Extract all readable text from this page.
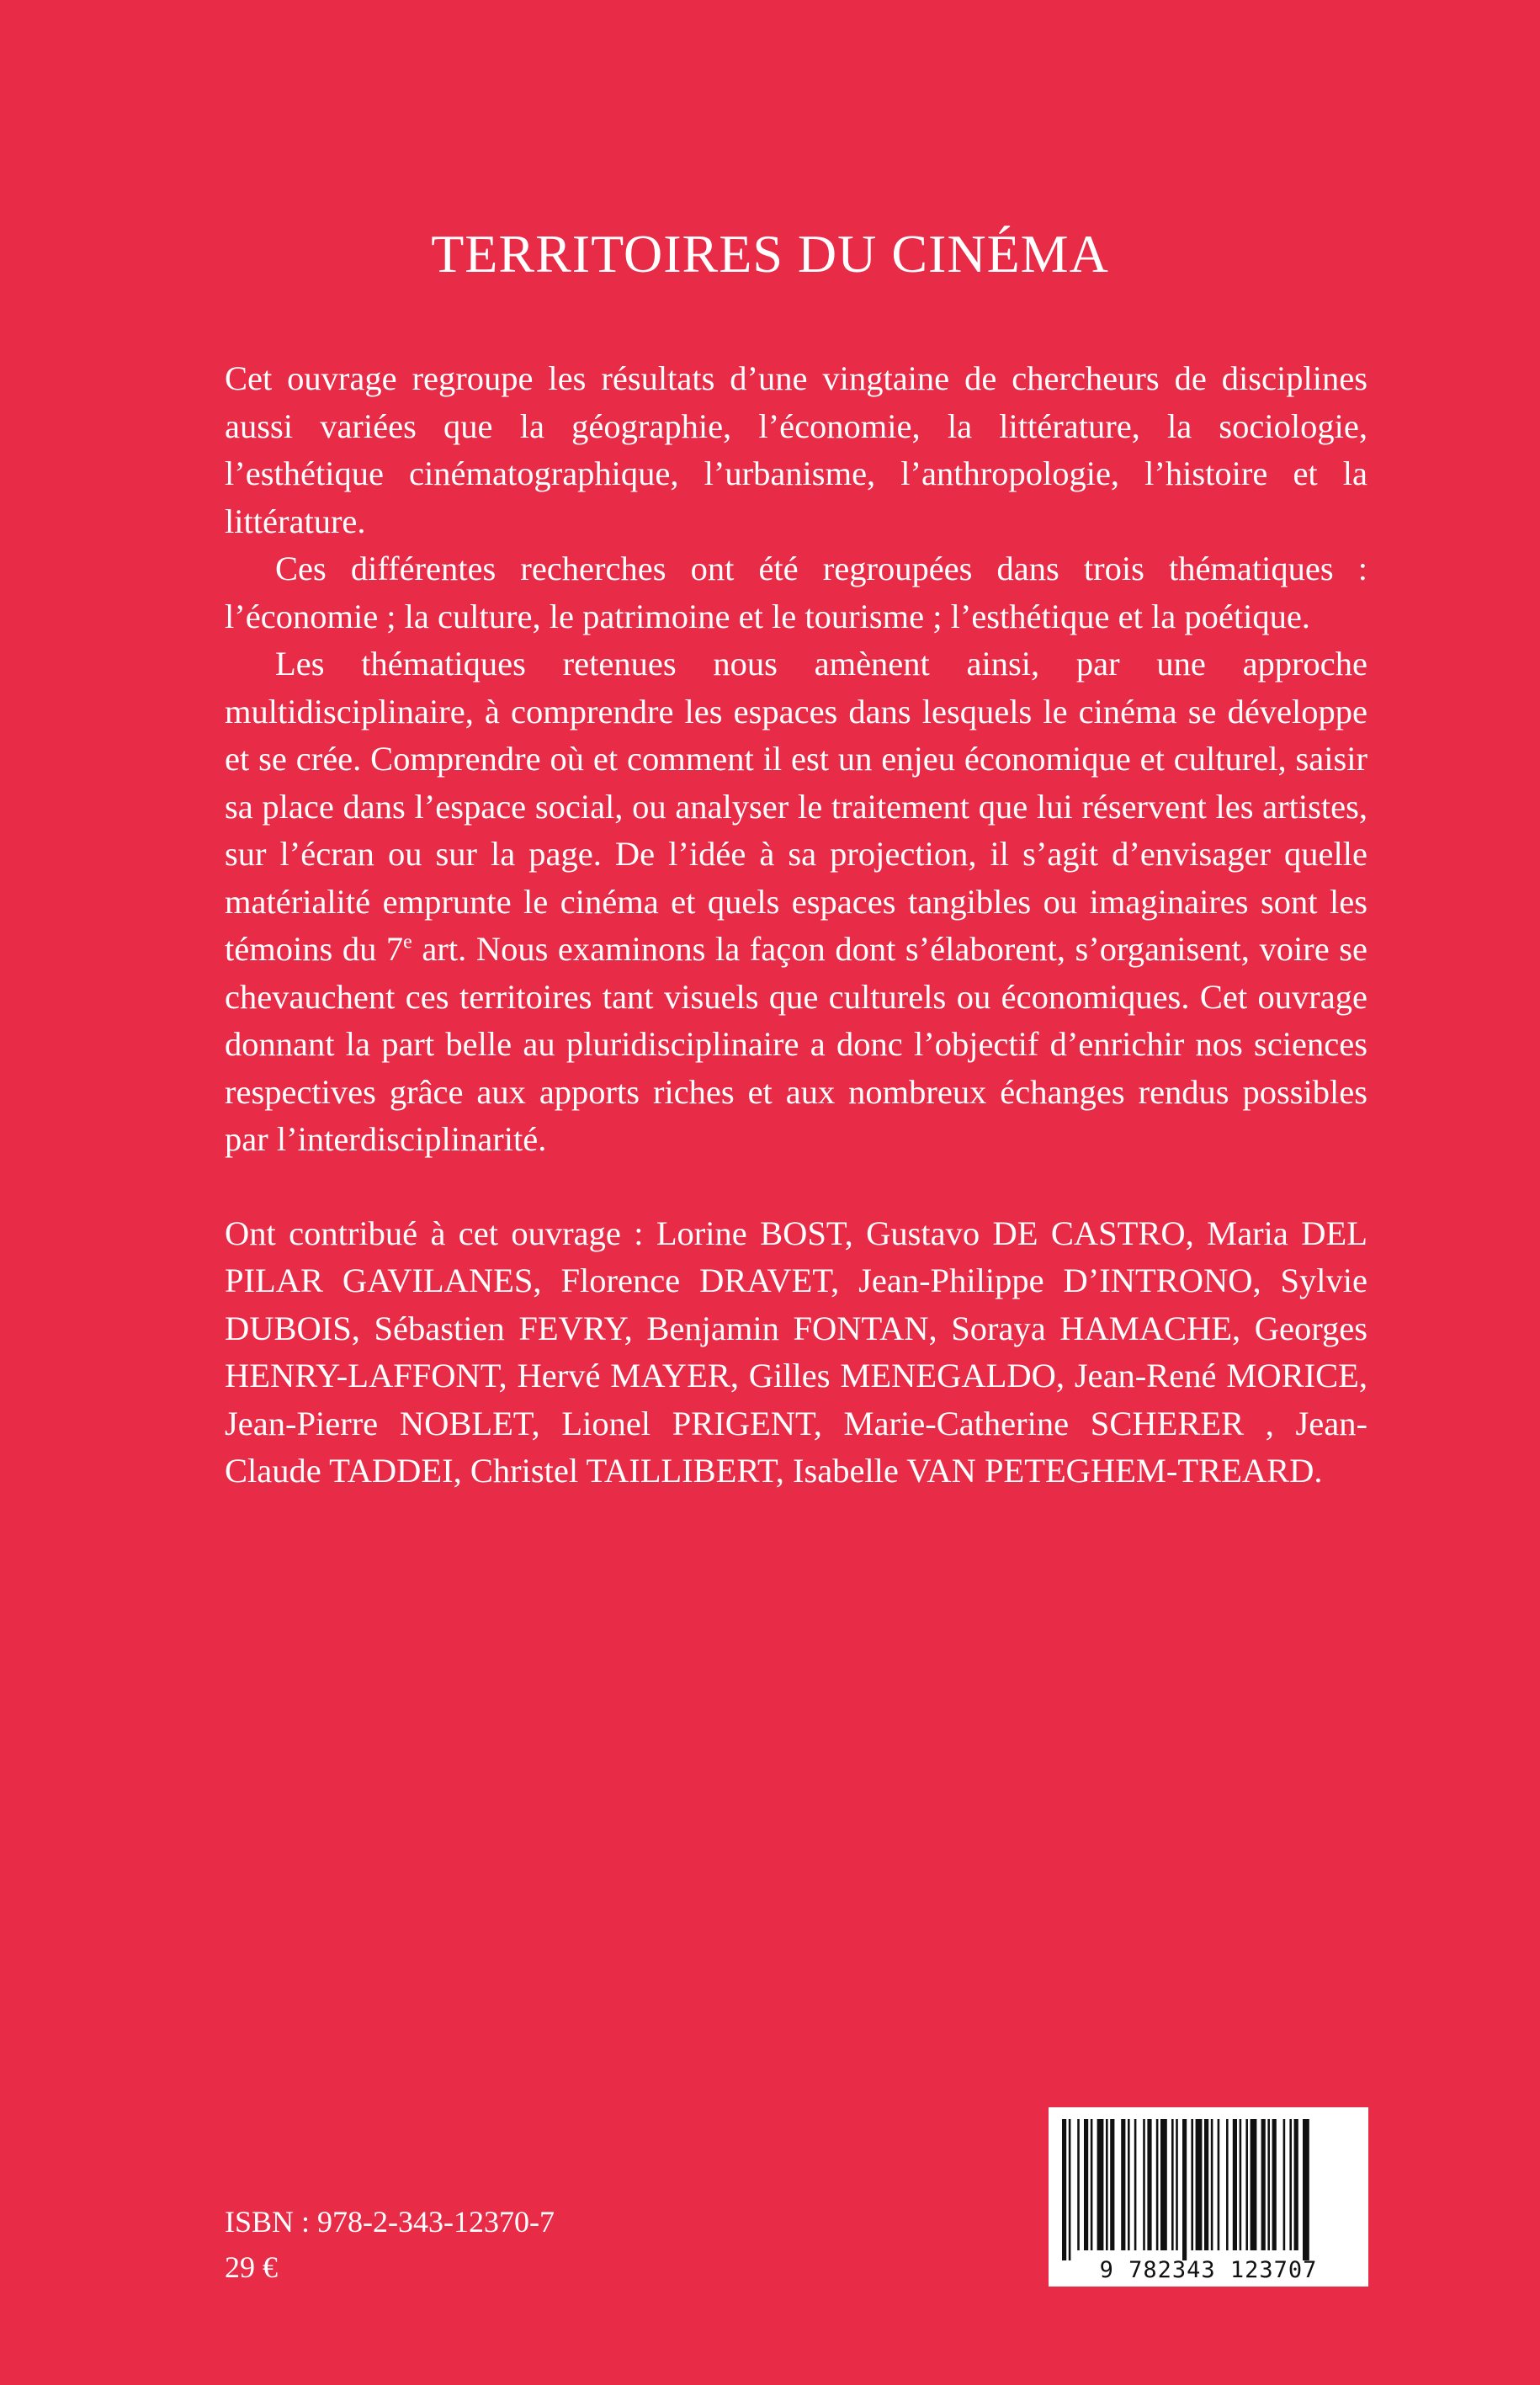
TERRITOIRES DU CINÉMA

Cet ouvrage regroupe les résultats d’une vingtaine de chercheurs de disciplines aussi variées que la géographie, l’économie, la littérature, la sociologie, l’esthétique cinématographique, l’urbanisme, l’anthropologie, l’histoire et la littérature.

Ces différentes recherches ont été regroupées dans trois thématiques : l’économie ; la culture, le patrimoine et le tourisme ; l’esthétique et la poétique.

Les thématiques retenues nous amènent ainsi, par une approche multidisciplinaire, à comprendre les espaces dans lesquels le cinéma se développe et se crée. Comprendre où et comment il est un enjeu économique et culturel, saisir sa place dans l’espace social, ou analyser le traitement que lui réservent les artistes, sur l’écran ou sur la page. De l’idée à sa projection, il s’agit d’envisager quelle matérialité emprunte le cinéma et quels espaces tangibles ou imaginaires sont les témoins du 7e art. Nous examinons la façon dont s’élaborent, s’organisent, voire se chevauchent ces territoires tant visuels que culturels ou économiques. Cet ouvrage donnant la part belle au pluridisciplinaire a donc l’objectif d’enrichir nos sciences respectives grâce aux apports riches et aux nombreux échanges rendus possibles par l’interdisciplinarité.

Ont contribué à cet ouvrage : Lorine BOST, Gustavo DE CASTRO, Maria DEL PILAR GAVILANES, Florence DRAVET, Jean-Philippe D’INTRONO, Sylvie DUBOIS, Sébastien FEVRY, Benjamin FONTAN, Soraya HAMACHE, Georges HENRY-LAFFONT, Hervé MAYER, Gilles MENEGALDO, Jean-René MORICE, Jean-Pierre NOBLET, Lionel PRIGENT, Marie-Catherine SCHERER , Jean-Claude TADDEI, Christel TAILLIBERT, Isabelle VAN PETEGHEM-TREARD.

ISBN : 978-2-343-12370-7
29 €	9 782343 123707
